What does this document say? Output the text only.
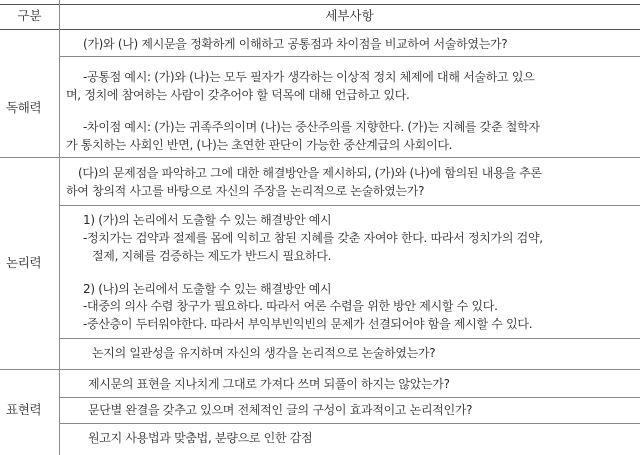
구분	세부사항
독해력
논리력
표현력
(가)와 (나) 제시문을 정확하게 이해하고 공통점과 차이점을 비교하여 서술하였는가?
-공통점 예시: (가)와 (나)는 모두 필자가 생각하는 이상적 정치 체제에 대해 서술하고 있으
며, 정치에 참여하는 사람이 갖추어야 할 덕목에 대해 언급하고 있다.
-차이점 예시: (가)는 귀족주의이며 (나)는 중산주의를 지향한다. (가)는 지혜를 갖춘 철학자
가 통치하는 사회인 반면, (나)는 초연한 판단이 가능한 중산계급의 사회이다.
(다)의 문제점을 파악하고 그에 대한 해결방안을 제시하되, (가)와 (나)에 함의된 내용을 추론
하여 창의적 사고를 바탕으로 자신의 주장을 논리적으로 논술하였는가?
1) (가)의 논리에서 도출할 수 있는 해결방안 예시
-정치가는 검약과 절제를 몸에 익히고 참된 지혜를 갖춘 자여야 한다. 따라서 정치가의 검약,
절제, 지혜를 검증하는 제도가 반드시 필요하다.
2) (나)의 논리에서 도출할 수 있는 해결방안 예시
-대중의 의사 수렴 창구가 필요하다. 따라서 여론 수렴을 위한 방안 제시할 수 있다.
-중산층이 두터워야한다. 따라서 부익부빈익빈의 문제가 선결되어야 함을 제시할 수 있다.
논지의 일관성을 유지하며 자신의 생각을 논리적으로 논술하였는가?
제시문의 표현을 지나치게 그대로 가져다 쓰며 되풀이 하지는 않았는가?
문단별 완결을 갖추고 있으며 전체적인 글의 구성이 효과적이고 논리적인가?
원고지 사용법과 맞춤법, 분량으로 인한 감점
